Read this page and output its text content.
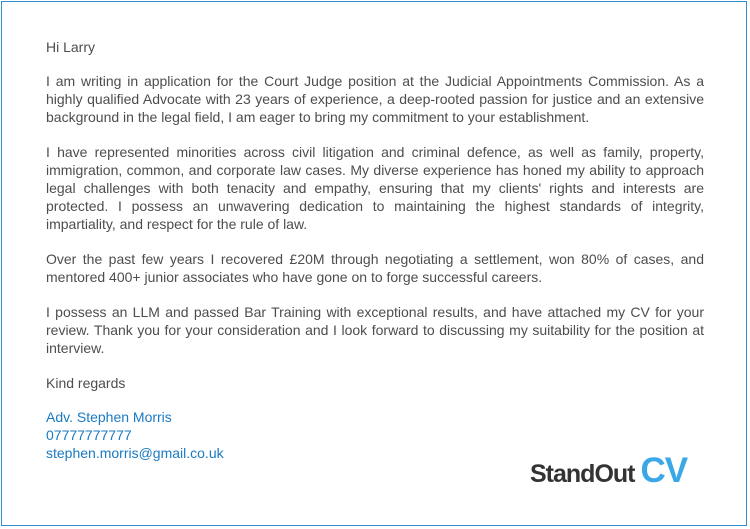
Hi Larry

I am writing in application for the Court Judge position at the Judicial Appointments Commission. As a highly qualified Advocate with 23 years of experience, a deep-rooted passion for justice and an extensive background in the legal field, I am eager to bring my commitment to your establishment.

I have represented minorities across civil litigation and criminal defence, as well as family, property, immigration, common, and corporate law cases. My diverse experience has honed my ability to approach legal challenges with both tenacity and empathy, ensuring that my clients' rights and interests are protected. I possess an unwavering dedication to maintaining the highest standards of integrity, impartiality, and respect for the rule of law.

Over the past few years I recovered £20M through negotiating a settlement, won 80% of cases, and mentored 400+ junior associates who have gone on to forge successful careers.

I possess an LLM and passed Bar Training with exceptional results, and have attached my CV for your review. Thank you for your consideration and I look forward to discussing my suitability for the position at interview.

Kind regards

Adv. Stephen Morris
07777777777
stephen.morris@gmail.co.uk
StandOut CV
